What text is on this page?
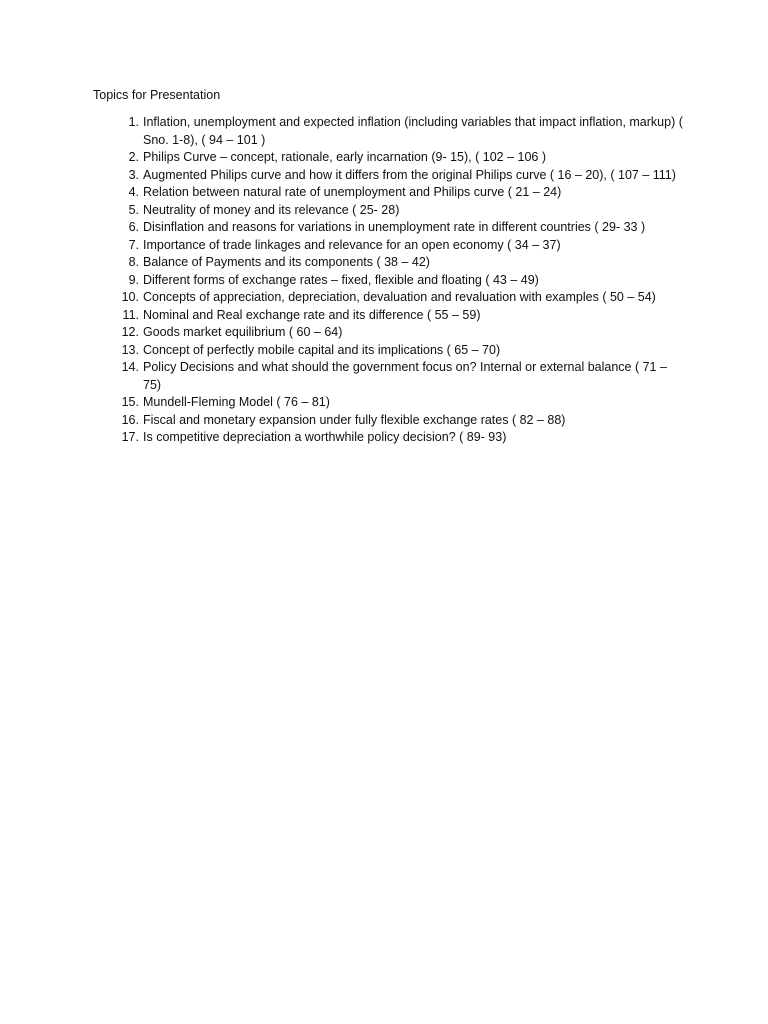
Topics for Presentation
1. Inflation, unemployment and expected inflation (including variables that impact inflation, markup) ( Sno. 1-8), ( 94 – 101 )
2. Philips Curve – concept, rationale, early incarnation (9- 15), ( 102 – 106 )
3. Augmented Philips curve and how it differs from the original Philips curve ( 16 – 20), ( 107 – 111)
4. Relation between natural rate of unemployment and Philips curve ( 21 – 24)
5. Neutrality of money and its relevance ( 25- 28)
6. Disinflation and reasons for variations in unemployment rate in different countries ( 29- 33 )
7. Importance of trade linkages and relevance for an open economy ( 34 – 37)
8. Balance of Payments and its components ( 38 – 42)
9. Different forms of exchange rates – fixed, flexible and floating ( 43 – 49)
10. Concepts of appreciation, depreciation, devaluation and revaluation with examples ( 50 – 54)
11. Nominal and Real exchange rate and its difference ( 55 – 59)
12. Goods market equilibrium ( 60 – 64)
13. Concept of perfectly mobile capital and its implications ( 65 – 70)
14. Policy Decisions and what should the government focus on? Internal or external balance ( 71 – 75)
15. Mundell-Fleming Model ( 76 – 81)
16. Fiscal and monetary expansion under fully flexible exchange rates ( 82 – 88)
17. Is competitive depreciation a worthwhile policy decision? ( 89- 93)
